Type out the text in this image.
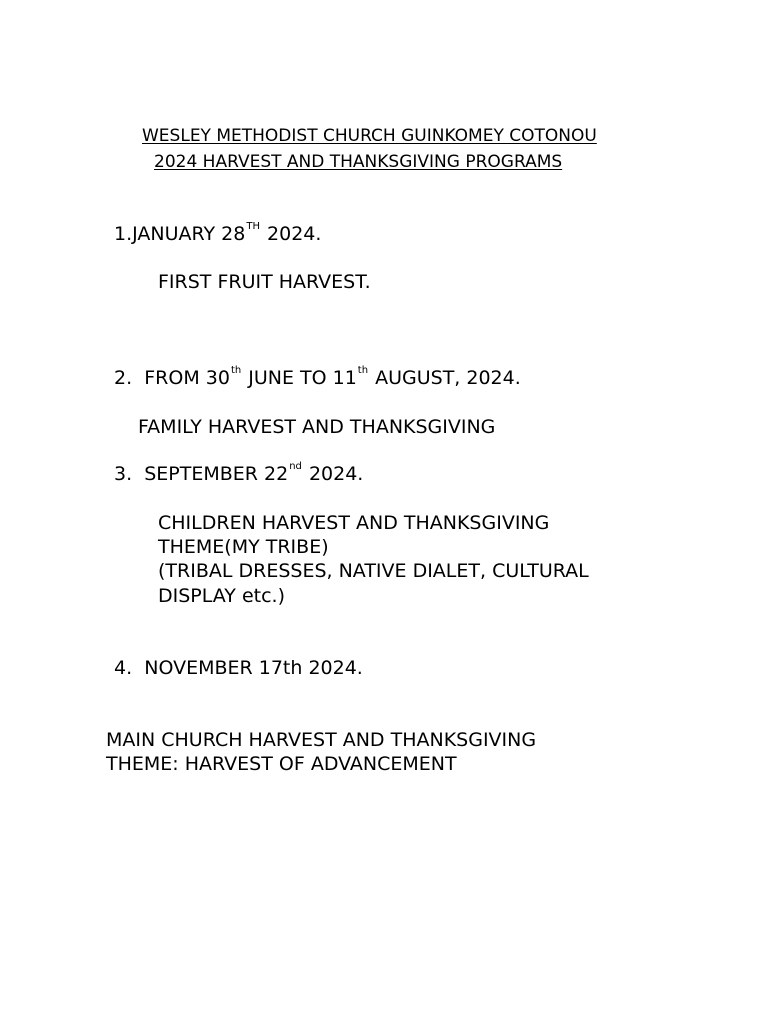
WESLEY METHODIST CHURCH GUINKOMEY COTONOU
2024 HARVEST AND THANKSGIVING PROGRAMS
1.JANUARY 28TH 2024.
FIRST FRUIT HARVEST.
2. FROM 30th JUNE TO 11th AUGUST, 2024.
FAMILY HARVEST AND THANKSGIVING
3. SEPTEMBER 22nd 2024.
CHILDREN HARVEST AND THANKSGIVING
THEME(MY TRIBE)
(TRIBAL DRESSES, NATIVE DIALET, CULTURAL
DISPLAY etc.)
4. NOVEMBER 17th 2024.
MAIN CHURCH HARVEST AND THANKSGIVING
THEME: HARVEST OF ADVANCEMENT
